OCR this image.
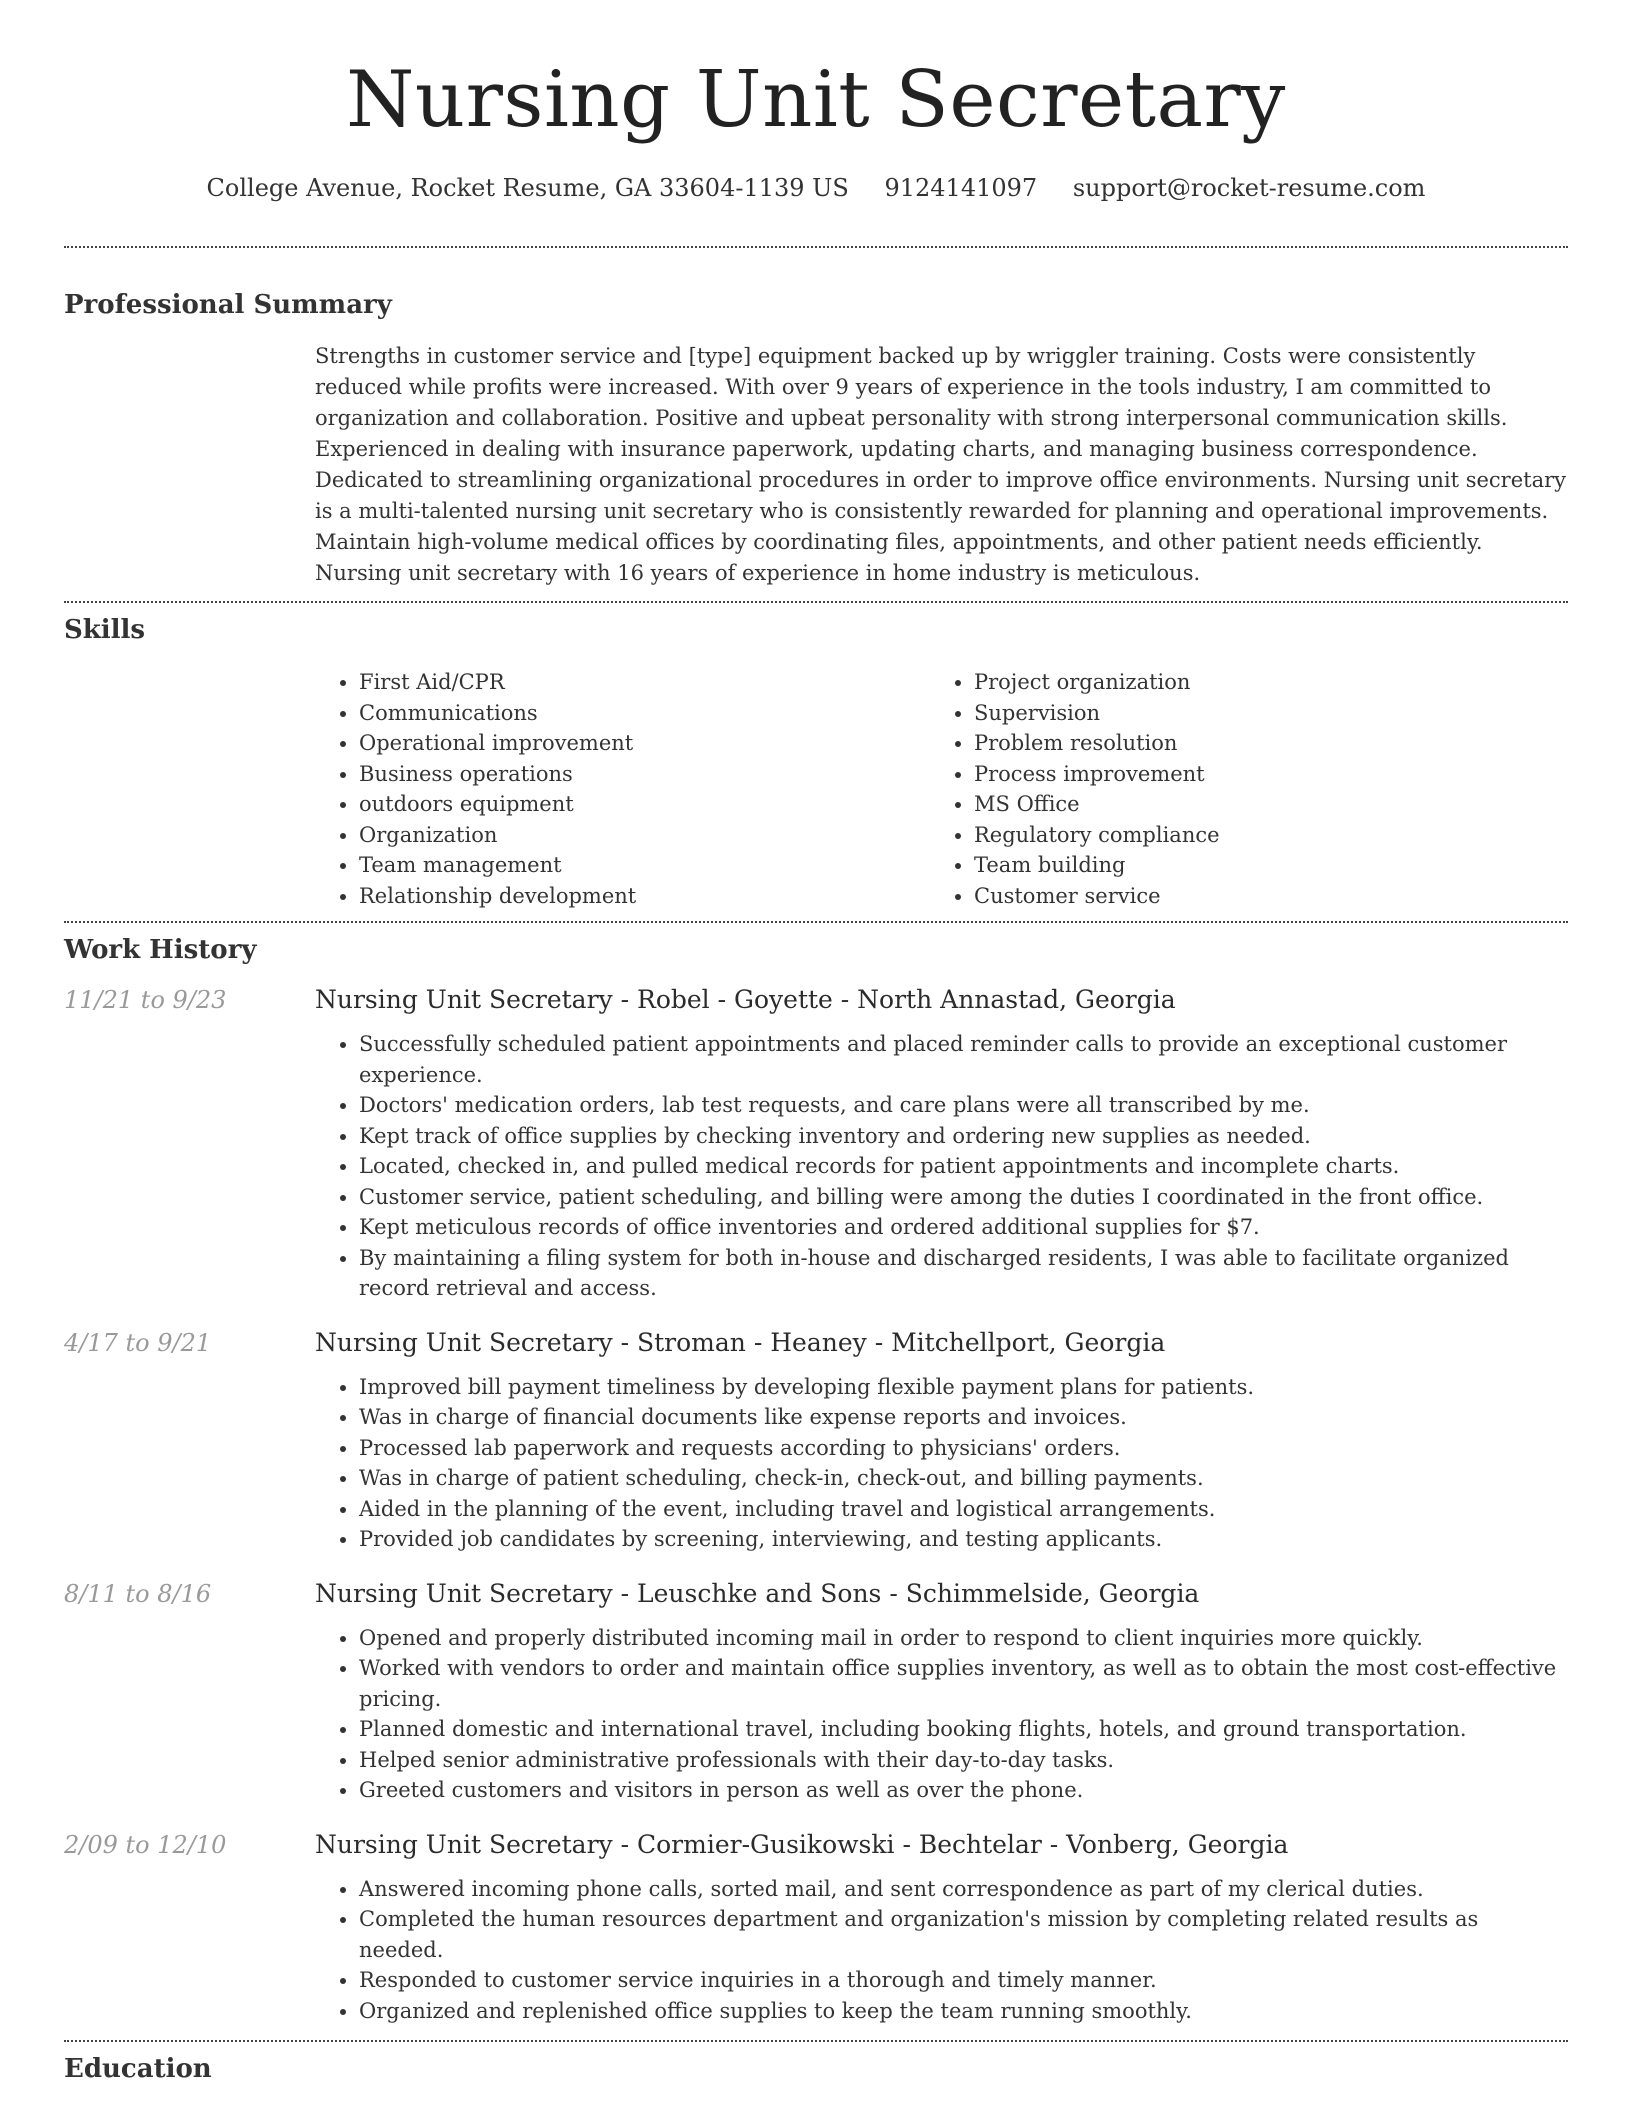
Nursing Unit Secretary
College Avenue, Rocket Resume, GA 33604-1139 US 9124141097 support@rocket-resume.com
Professional Summary

Strengths in customer service and [type] equipment backed up by wriggler training. Costs were consistently reduced while profits were increased. With over 9 years of experience in the tools industry, I am committed to organization and collaboration. Positive and upbeat personality with strong interpersonal communication skills. Experienced in dealing with insurance paperwork, updating charts, and managing business correspondence. Dedicated to streamlining organizational procedures in order to improve office environments. Nursing unit secretary is a multi-talented nursing unit secretary who is consistently rewarded for planning and operational improvements. Maintain high-volume medical offices by coordinating files, appointments, and other patient needs efficiently. Nursing unit secretary with 16 years of experience in home industry is meticulous.

Skills
• First Aid/CPR
• Communications
• Operational improvement
• Business operations
• outdoors equipment
• Organization
• Team management
• Relationship development
• Project organization
• Supervision
• Problem resolution
• Process improvement
• MS Office
• Regulatory compliance
• Team building
• Customer service
Work History
11/21 to 9/23	Nursing Unit Secretary - Robel - Goyette - North Annastad, Georgia
• Successfully scheduled patient appointments and placed reminder calls to provide an exceptional customer experience.
• Doctors' medication orders, lab test requests, and care plans were all transcribed by me.
• Kept track of office supplies by checking inventory and ordering new supplies as needed.
• Located, checked in, and pulled medical records for patient appointments and incomplete charts.
• Customer service, patient scheduling, and billing were among the duties I coordinated in the front office.
• Kept meticulous records of office inventories and ordered additional supplies for $7.
• By maintaining a filing system for both in-house and discharged residents, I was able to facilitate organized record retrieval and access.
4/17 to 9/21	Nursing Unit Secretary - Stroman - Heaney - Mitchellport, Georgia
• Improved bill payment timeliness by developing flexible payment plans for patients.
• Was in charge of financial documents like expense reports and invoices.
• Processed lab paperwork and requests according to physicians' orders.
• Was in charge of patient scheduling, check-in, check-out, and billing payments.
• Aided in the planning of the event, including travel and logistical arrangements.
• Provided job candidates by screening, interviewing, and testing applicants.
8/11 to 8/16	Nursing Unit Secretary - Leuschke and Sons - Schimmelside, Georgia
• Opened and properly distributed incoming mail in order to respond to client inquiries more quickly.
• Worked with vendors to order and maintain office supplies inventory, as well as to obtain the most cost-effective pricing.
• Planned domestic and international travel, including booking flights, hotels, and ground transportation.
• Helped senior administrative professionals with their day-to-day tasks.
• Greeted customers and visitors in person as well as over the phone.
2/09 to 12/10	Nursing Unit Secretary - Cormier-Gusikowski - Bechtelar - Vonberg, Georgia
• Answered incoming phone calls, sorted mail, and sent correspondence as part of my clerical duties.
• Completed the human resources department and organization's mission by completing related results as needed.
• Responded to customer service inquiries in a thorough and timely manner.
• Organized and replenished office supplies to keep the team running smoothly.
Education
